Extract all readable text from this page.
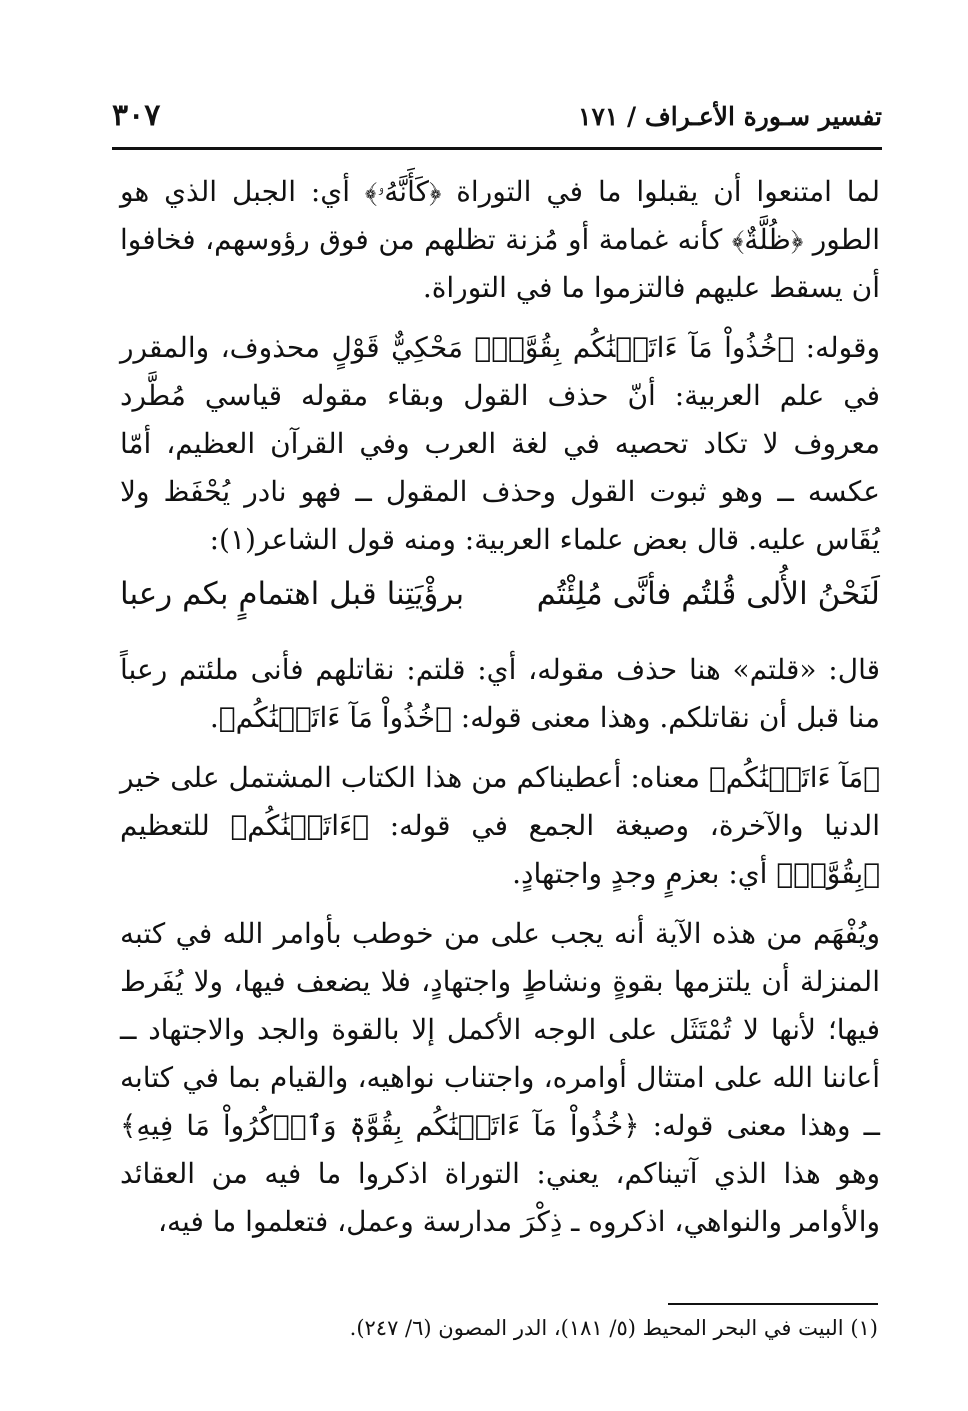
تفسير سـورة الأعـراف / ١٧١
٣٠٧

لما امتنعوا أن يقبلوا ما في التوراة ﴿كَأَنَّهُۥ﴾ أي: الجبل الذي هو الطور ﴿ظُلَّةٌ﴾ كأنه غمامة أو مُزنة تظلهم من فوق رؤوسهم، فخافوا أن يسقط عليهم فالتزموا ما في التوراة.

وقوله: ﴿خُذُواْ مَآ ءَاتَيۡنَٰكُم بِقُوَّةٖ﴾ مَحْكِيٌّ قَوْلٍ محذوف، والمقرر في علم العربية: أنّ حذف القول وبقاء مقوله قياسي مُطَّرد معروف لا تكاد تحصيه في لغة العرب وفي القرآن العظيم، أمّا عكسه ــ وهو ثبوت القول وحذف المقول ــ فهو نادر يُحْفَظ ولا يُقَاس عليه. قال بعض علماء العربية: ومنه قول الشاعر(١):

لَنَحْنُ الأُلى قُلتُم فأنَّى مُلِئْتُم
برؤْيَتِنا قبل اهتمامٍ بكم رعبا

قال: «قلتم» هنا حذف مقوله، أي: قلتم: نقاتلهم فأنى ملئتم رعباً منا قبل أن نقاتلكم. وهذا معنى قوله: ﴿خُذُواْ مَآ ءَاتَيۡنَٰكُم﴾.

﴿مَآ ءَاتَيۡنَٰكُم﴾ معناه: أعطيناكم من هذا الكتاب المشتمل على خير الدنيا والآخرة، وصيغة الجمع في قوله: ﴿ءَاتَيۡنَٰكُم﴾ للتعظيم ﴿بِقُوَّةٖ﴾ أي: بعزمٍ وجدٍ واجتهادٍ.

ويُفْهَم من هذه الآية أنه يجب على من خوطب بأوامر الله في كتبه المنزلة أن يلتزمها بقوةٍ ونشاطٍ واجتهادٍ، فلا يضعف فيها، ولا يُفَرط فيها؛ لأنها لا تُمْتَثَل على الوجه الأكمل إلا بالقوة والجد والاجتهاد ــ أعاننا الله على امتثال أوامره، واجتناب نواهيه، والقيام بما في كتابه ــ وهذا معنى قوله: ﴿خُذُواْ مَآ ءَاتَيۡنَٰكُم بِقُوَّةٖ وَٱذۡكُرُواْ مَا فِيهِ﴾ وهو هذا الذي آتيناكم، يعني: التوراة اذكروا ما فيه من العقائد والأوامر والنواهي، اذكروه ـ ذِكْرَ مدارسة وعمل، فتعلموا ما فيه،

(١) البيت في البحر المحيط (٥/ ١٨١)، الدر المصون (٦/ ٢٤٧).
